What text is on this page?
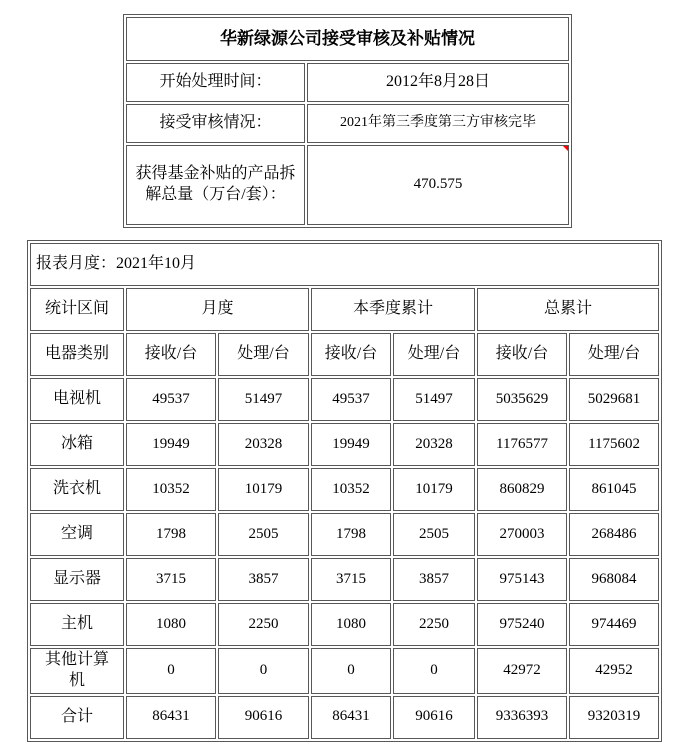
华新绿源公司接受审核及补贴情况	
开始处理时间：	2012年8月28日
接受审核情况：	2021年第三季度第三方审核完毕
获得基金补贴的产品拆解总量（万台/套）：	470.575
报表月度：2021年10月						
统计区间	月度		本季度累计		总累计	
电器类别	接收/台	处理/台	接收/台	处理/台	接收/台	处理/台
电视机	49537	51497	49537	51497	5035629	5029681
冰箱	19949	20328	19949	20328	1176577	1175602
洗衣机	10352	10179	10352	10179	860829	861045
空调	1798	2505	1798	2505	270003	268486
显示器	3715	3857	3715	3857	975143	968084
主机	1080	2250	1080	2250	975240	974469
其他计算机	0	0	0	0	42972	42952
合计	86431	90616	86431	90616	9336393	9320319
